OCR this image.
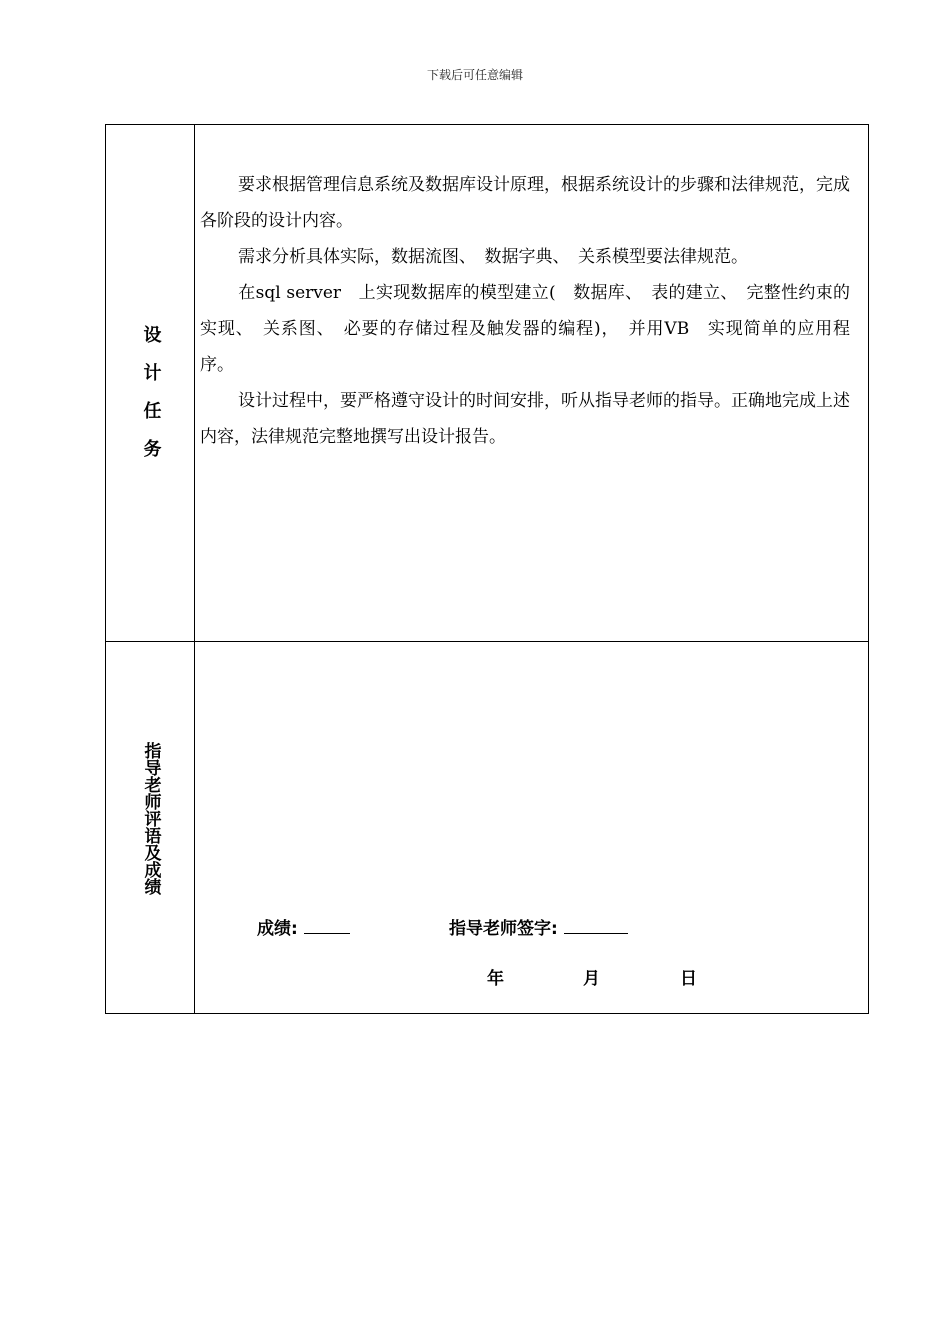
下载后可任意编辑
设计任务
要求根据管理信息系统及数据库设计原理，根据系统设计的步骤和法律规范，完成各阶段的设计内容。
需求分析具体实际，数据流图、　数据字典、　关系模型要法律规范。
在sql server　上实现数据库的模型建立(　数据库、　表的建立、　完整性约束的实现、　关系图、　必要的存储过程及触发器的编程)，　并用VB　实现简单的应用程序。
设计过程中，要严格遵守设计的时间安排，听从指导老师的指导。正确地完成上述内容，法律规范完整地撰写出设计报告。
指导老师评语及成绩
成绩:	指导老师签字:
年	月	日
